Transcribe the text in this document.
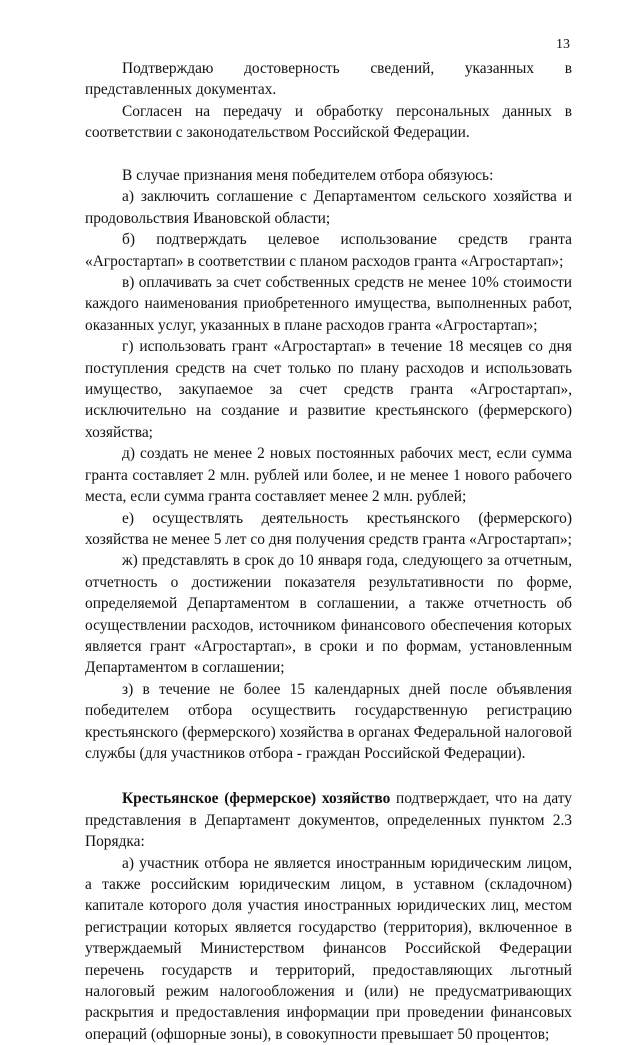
13

Подтверждаю достоверность сведений, указанных в представленных документах.

Согласен на передачу и обработку персональных данных в соответствии с законодательством Российской Федерации.

В случае признания меня победителем отбора обязуюсь:

а) заключить соглашение с Департаментом сельского хозяйства и продовольствия Ивановской области;

б) подтверждать целевое использование средств гранта «Агростартап» в соответствии с планом расходов гранта «Агростартап»;

в) оплачивать за счет собственных средств не менее 10% стоимости каждого наименования приобретенного имущества, выполненных работ, оказанных услуг, указанных в плане расходов гранта «Агростартап»;

г) использовать грант «Агростартап» в течение 18 месяцев со дня поступления средств на счет только по плану расходов и использовать имущество, закупаемое за счет средств гранта «Агростартап», исключительно на создание и развитие крестьянского (фермерского) хозяйства;

д) создать не менее 2 новых постоянных рабочих мест, если сумма гранта составляет 2 млн. рублей или более, и не менее 1 нового рабочего места, если сумма гранта составляет менее 2 млн. рублей;

е) осуществлять деятельность крестьянского (фермерского) хозяйства не менее 5 лет со дня получения средств гранта «Агростартап»;

ж) представлять в срок до 10 января года, следующего за отчетным, отчетность о достижении показателя результативности по форме, определяемой Департаментом в соглашении, а также отчетность об осуществлении расходов, источником финансового обеспечения которых является грант «Агростартап», в сроки и по формам, установленным Департаментом в соглашении;

з) в течение не более 15 календарных дней после объявления победителем отбора осуществить государственную регистрацию крестьянского (фермерского) хозяйства в органах Федеральной налоговой службы (для участников отбора - граждан Российской Федерации).

Крестьянское (фермерское) хозяйство подтверждает, что на дату представления в Департамент документов, определенных пунктом 2.3 Порядка:

а) участник отбора не является иностранным юридическим лицом, а также российским юридическим лицом, в уставном (складочном) капитале которого доля участия иностранных юридических лиц, местом регистрации которых является государство (территория), включенное в утверждаемый Министерством финансов Российской Федерации перечень государств и территорий, предоставляющих льготный налоговый режим налогообложения и (или) не предусматривающих раскрытия и предоставления информации при проведении финансовых операций (офшорные зоны), в совокупности превышает 50 процентов;
